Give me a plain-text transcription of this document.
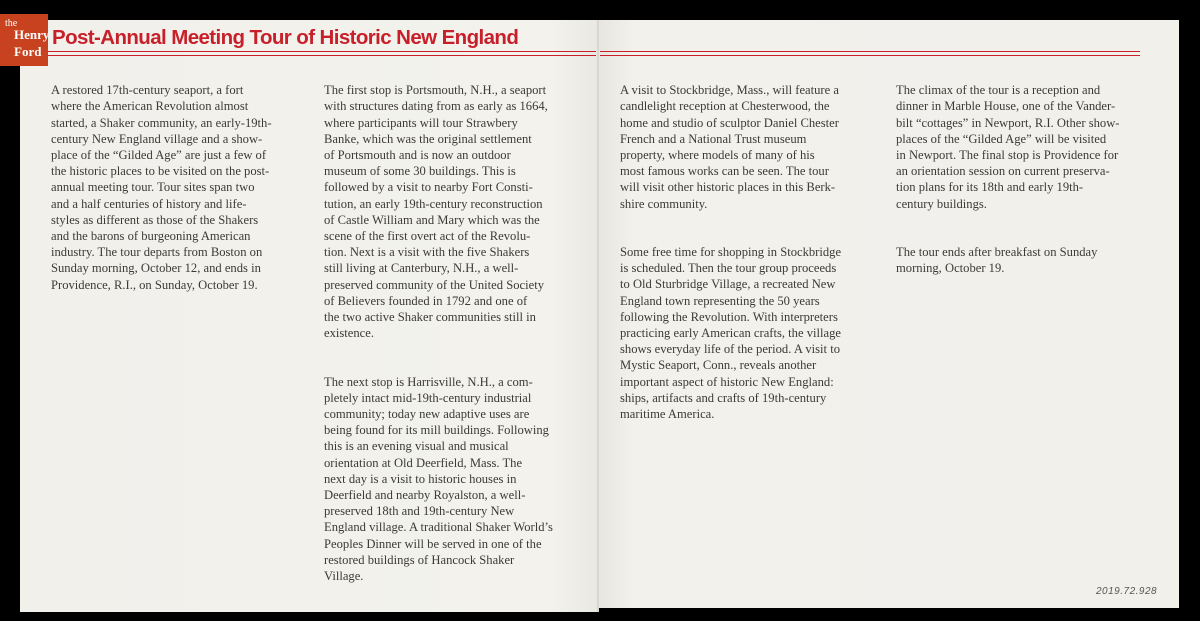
the
Henry
Ford
Post-Annual Meeting Tour of Historic New England

A restored 17th-century seaport, a fort
where the American Revolution almost
started, a Shaker community, an early-19th-
century New England village and a show-
place of the “Gilded Age” are just a few of
the historic places to be visited on the post-
annual meeting tour. Tour sites span two
and a half centuries of history and life-
styles as different as those of the Shakers
and the barons of burgeoning American
industry. The tour departs from Boston on
Sunday morning, October 12, and ends in
Providence, R.I., on Sunday, October 19.

The first stop is Portsmouth, N.H., a seaport
with structures dating from as early as 1664,
where participants will tour Strawbery
Banke, which was the original settlement
of Portsmouth and is now an outdoor
museum of some 30 buildings. This is
followed by a visit to nearby Fort Consti-
tution, an early 19th-century reconstruction
of Castle William and Mary which was the
scene of the first overt act of the Revolu-
tion. Next is a visit with the five Shakers
still living at Canterbury, N.H., a well-
preserved community of the United Society
of Believers founded in 1792 and one of
the two active Shaker communities still in
existence.

The next stop is Harrisville, N.H., a com-
pletely intact mid-19th-century industrial
community; today new adaptive uses are
being found for its mill buildings. Following
this is an evening visual and musical
orientation at Old Deerfield, Mass. The
next day is a visit to historic houses in
Deerfield and nearby Royalston, a well-
preserved 18th and 19th-century New
England village. A traditional Shaker World’s
Peoples Dinner will be served in one of the
restored buildings of Hancock Shaker
Village.

A visit to Stockbridge, Mass., will feature a
candlelight reception at Chesterwood, the
home and studio of sculptor Daniel Chester
French and a National Trust museum
property, where models of many of his
most famous works can be seen. The tour
will visit other historic places in this Berk-
shire community.

Some free time for shopping in Stockbridge
is scheduled. Then the tour group proceeds
to Old Sturbridge Village, a recreated New
England town representing the 50 years
following the Revolution. With interpreters
practicing early American crafts, the village
shows everyday life of the period. A visit to
Mystic Seaport, Conn., reveals another
important aspect of historic New England:
ships, artifacts and crafts of 19th-century
maritime America.

The climax of the tour is a reception and
dinner in Marble House, one of the Vander-
bilt “cottages” in Newport, R.I. Other show-
places of the “Gilded Age” will be visited
in Newport. The final stop is Providence for
an orientation session on current preserva-
tion plans for its 18th and early 19th-
century buildings.

The tour ends after breakfast on Sunday
morning, October 19.

2019.72.928
